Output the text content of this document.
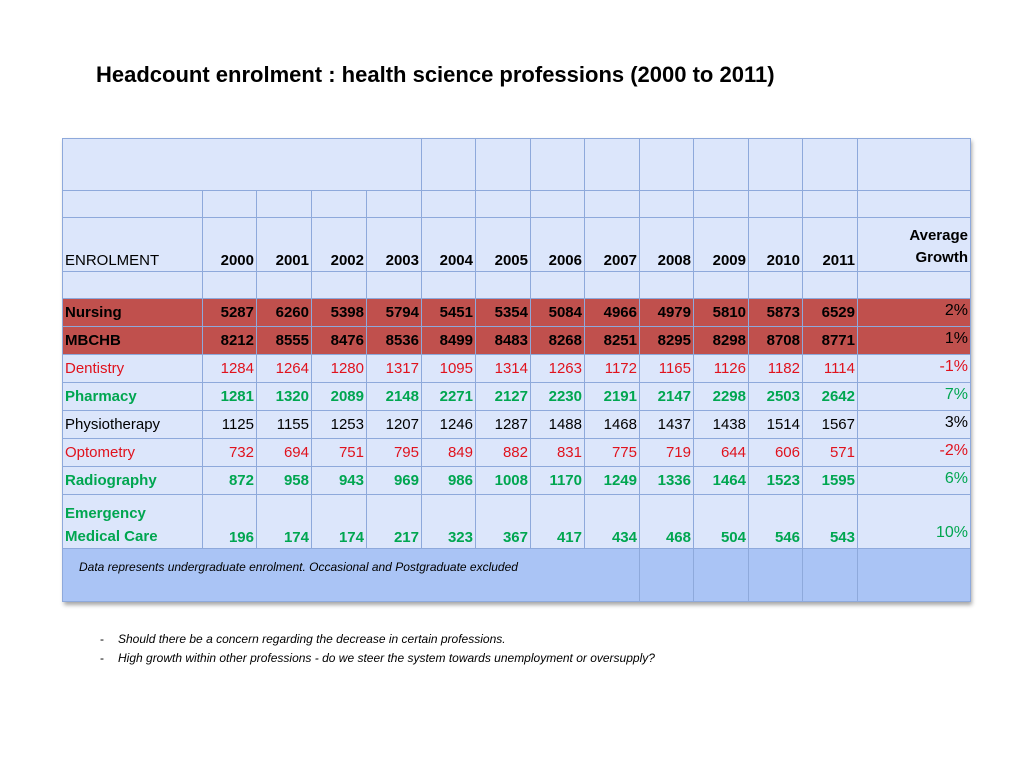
Headcount enrolment : health science professions (2000 to 2011)

ENROLMENT	2000	2001	2002	2003	2004	2005	2006	2007	2008	2009	2010	2011	Average
Growth

Nursing	5287	6260	5398	5794	5451	5354	5084	4966	4979	5810	5873	6529	2%
MBCHB	8212	8555	8476	8536	8499	8483	8268	8251	8295	8298	8708	8771	1%
Dentistry	1284	1264	1280	1317	1095	1314	1263	1172	1165	1126	1182	1114	-1%
Pharmacy	1281	1320	2089	2148	2271	2127	2230	2191	2147	2298	2503	2642	7%
Physiotherapy	1125	1155	1253	1207	1246	1287	1488	1468	1437	1438	1514	1567	3%
Optometry	732	694	751	795	849	882	831	775	719	644	606	571	-2%
Radiography	872	958	943	969	986	1008	1170	1249	1336	1464	1523	1595	6%
Emergency
Medical Care	196	174	174	217	323	367	417	434	468	504	546	543	10%
Data represents undergraduate enrolment. Occasional and Postgraduate excluded													
- Should there be a concern regarding the decrease in certain professions.
- High growth within other professions - do we steer the system towards unemployment or oversupply?
